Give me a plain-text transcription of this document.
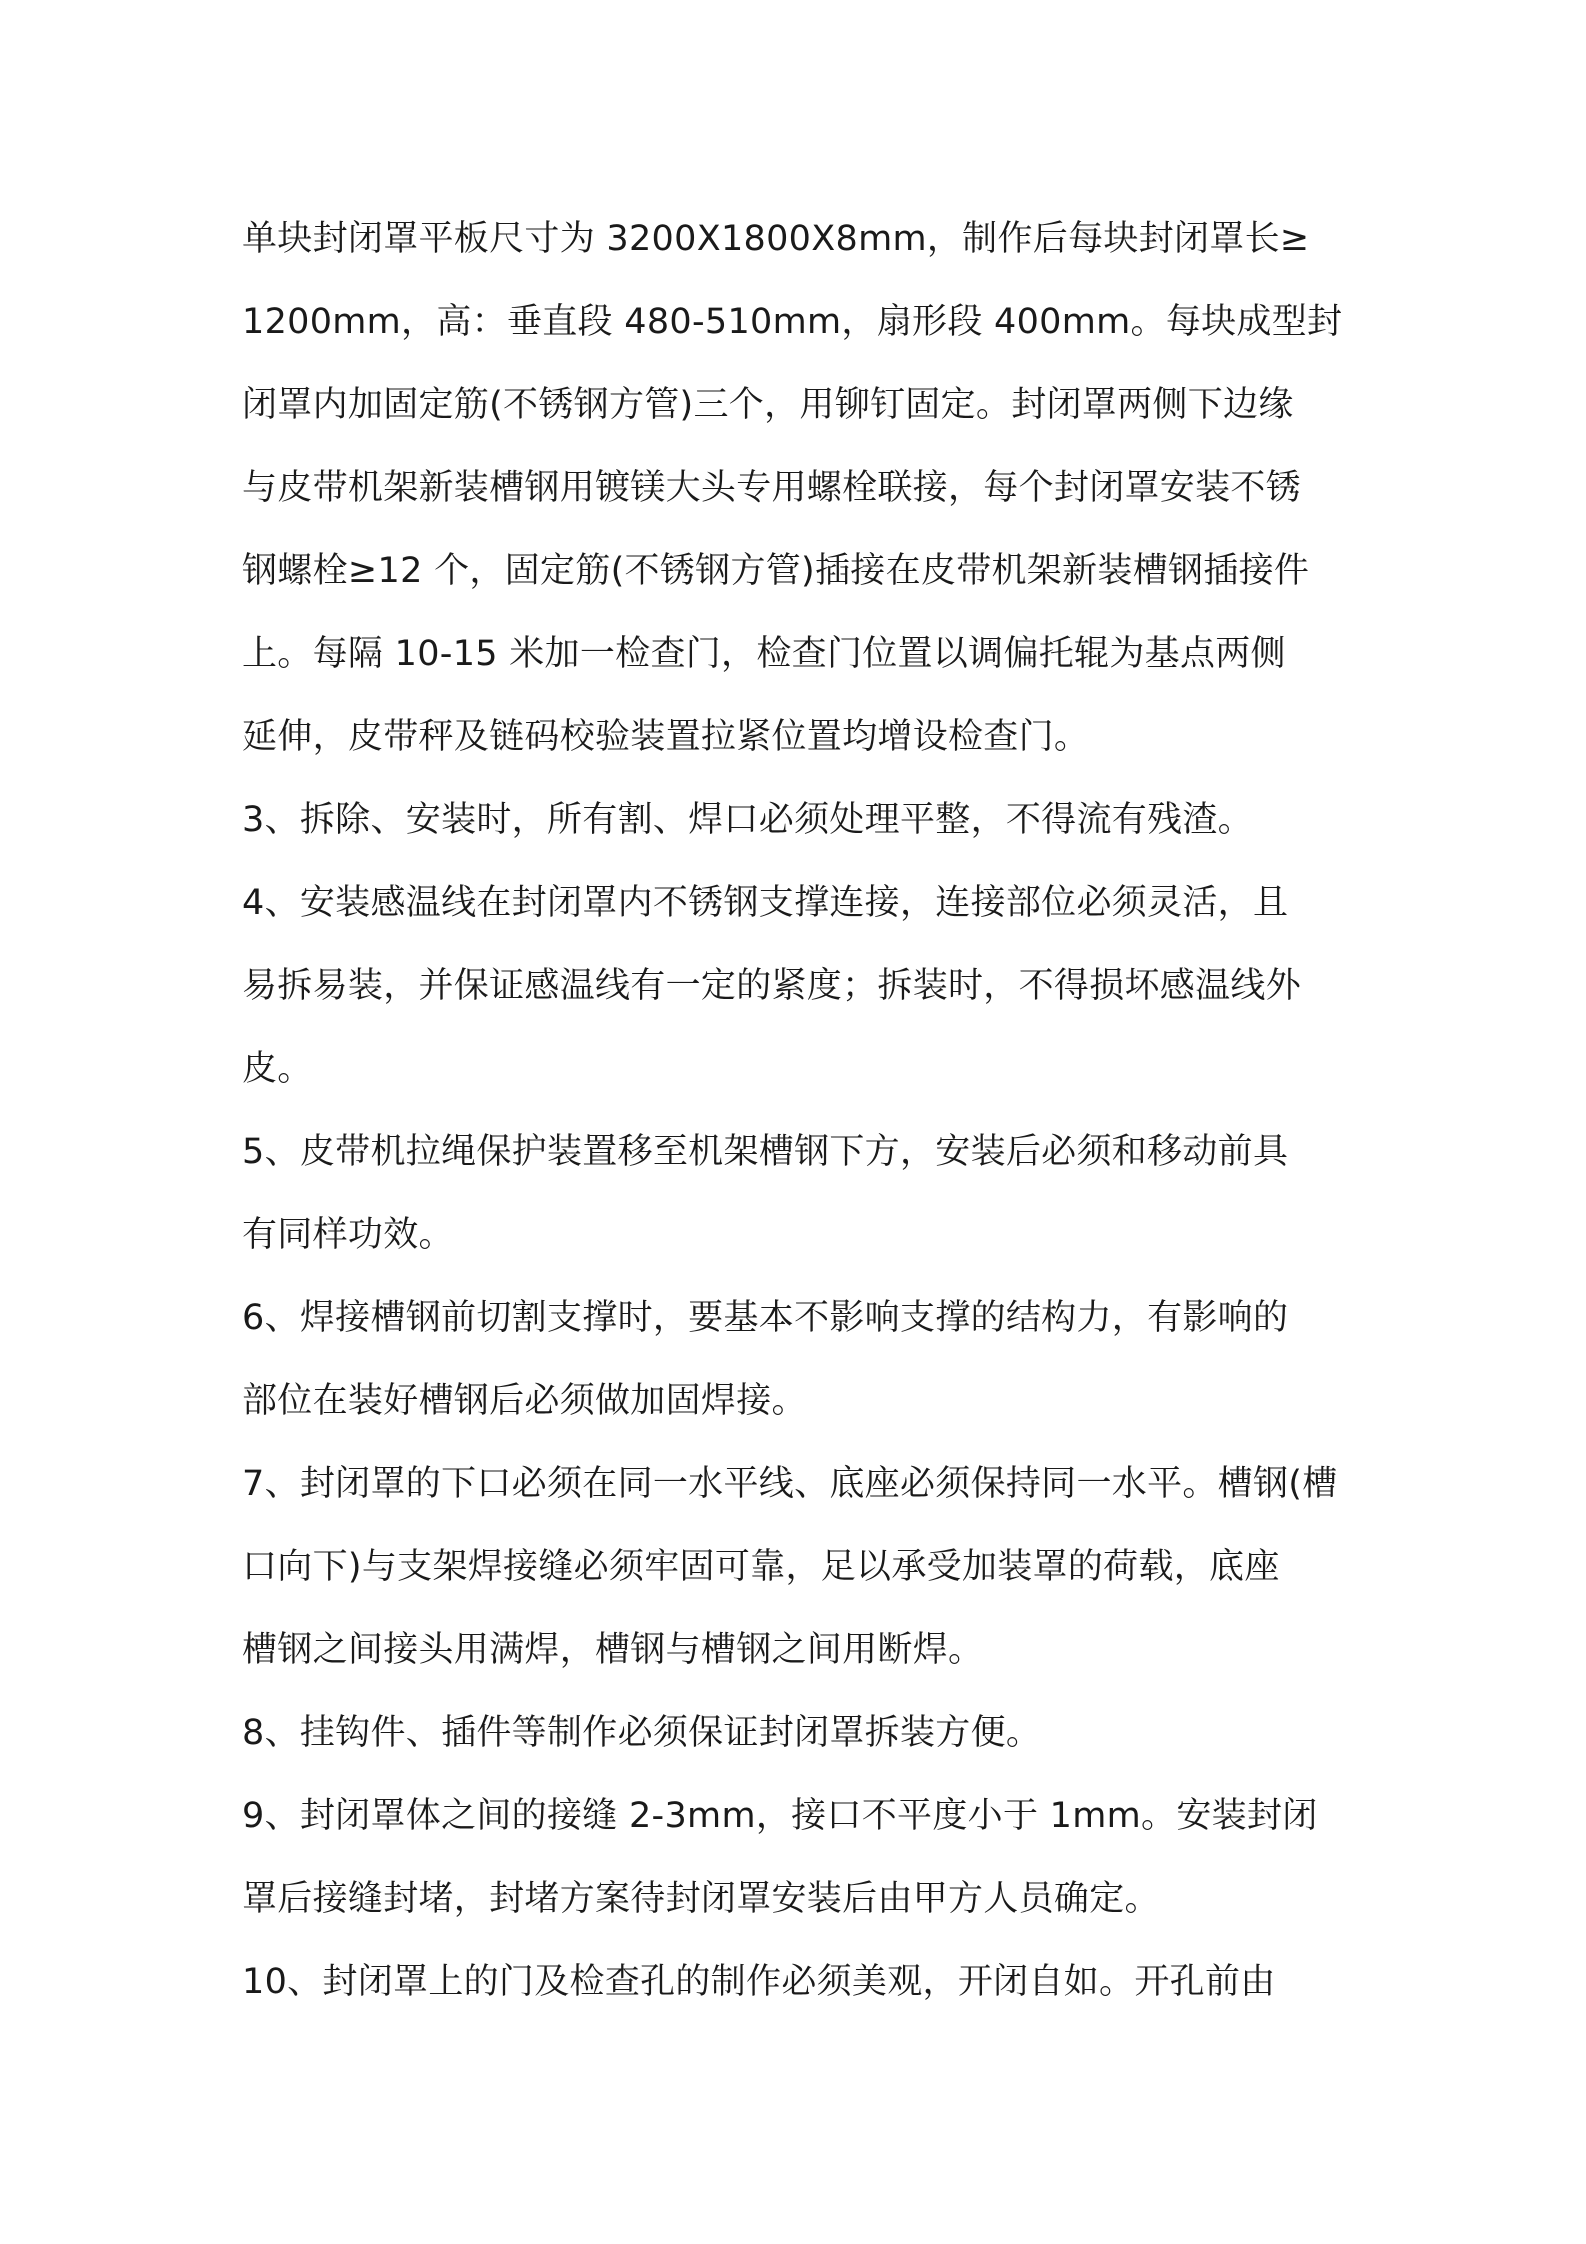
单块封闭罩平板尺寸为 3200X1800X8mm，制作后每块封闭罩长≥
1200mm，高：垂直段 480-510mm，扇形段 400mm。每块成型封
闭罩内加固定筋(不锈钢方管)三个，用铆钉固定。封闭罩两侧下边缘
与皮带机架新装槽钢用镀镁大头专用螺栓联接，每个封闭罩安装不锈
钢螺栓≥12 个，固定筋(不锈钢方管)插接在皮带机架新装槽钢插接件
上。每隔 10-15 米加一检查门，检查门位置以调偏托辊为基点两侧
延伸，皮带秤及链码校验装置拉紧位置均增设检查门。
3、拆除、安装时，所有割、焊口必须处理平整，不得流有残渣。
4、安装感温线在封闭罩内不锈钢支撑连接，连接部位必须灵活，且
易拆易装，并保证感温线有一定的紧度；拆装时，不得损坏感温线外
皮。
5、皮带机拉绳保护装置移至机架槽钢下方，安装后必须和移动前具
有同样功效。
6、焊接槽钢前切割支撑时，要基本不影响支撑的结构力，有影响的
部位在装好槽钢后必须做加固焊接。
7、封闭罩的下口必须在同一水平线、底座必须保持同一水平。槽钢(槽
口向下)与支架焊接缝必须牢固可靠，足以承受加装罩的荷载，底座
槽钢之间接头用满焊，槽钢与槽钢之间用断焊。
8、挂钩件、插件等制作必须保证封闭罩拆装方便。
9、封闭罩体之间的接缝 2-3mm，接口不平度小于 1mm。安装封闭
罩后接缝封堵，封堵方案待封闭罩安装后由甲方人员确定。
10、封闭罩上的门及检查孔的制作必须美观，开闭自如。开孔前由
